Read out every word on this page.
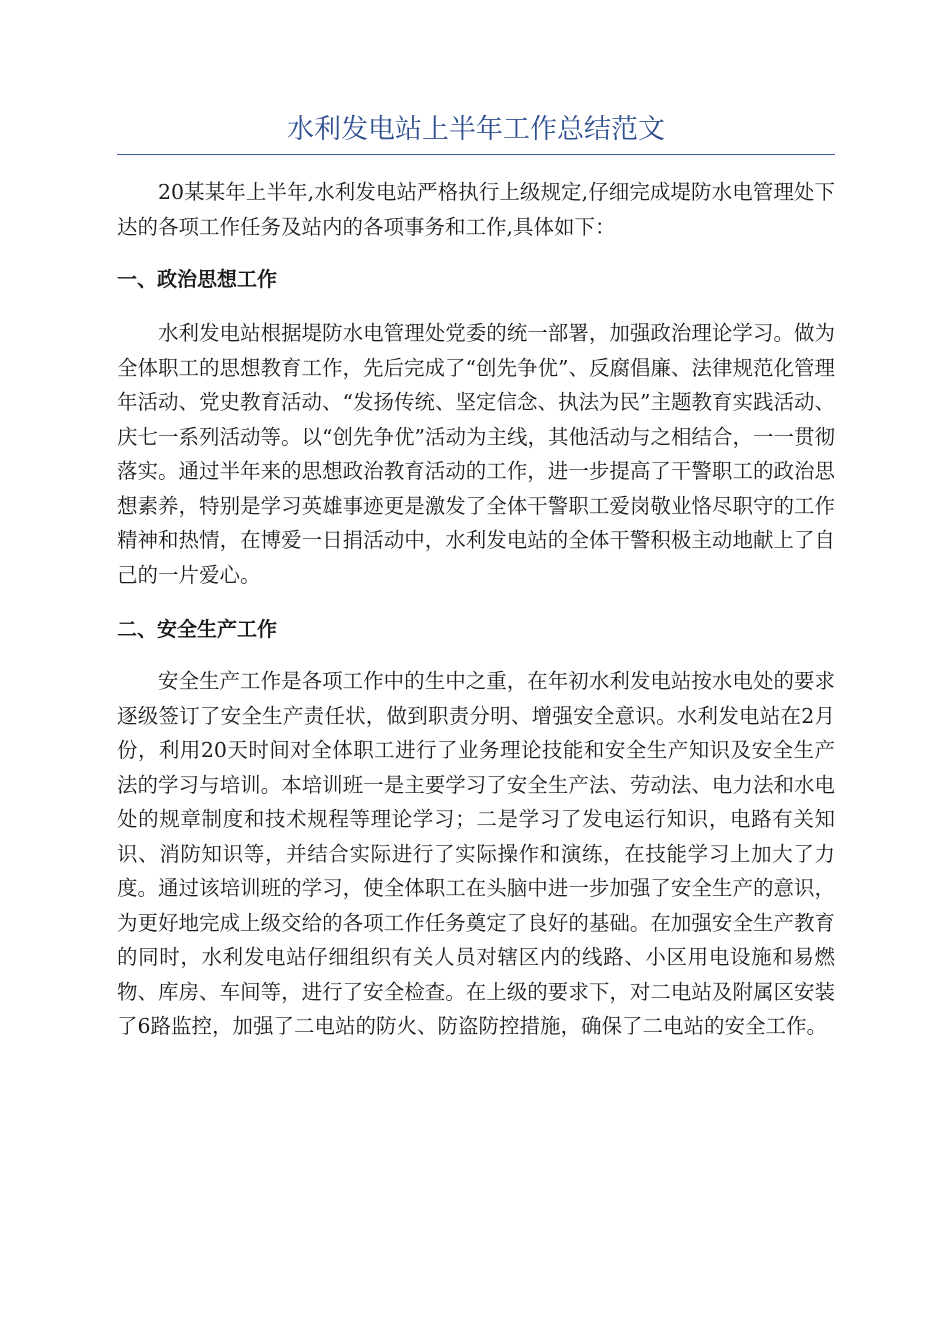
水利发电站上半年工作总结范文

20某某年上半年,水利发电站严格执行上级规定,仔细完成堤防水电管理处下达的各项工作任务及站内的各项事务和工作,具体如下：

一、政治思想工作

水利发电站根据堤防水电管理处党委的统一部署，加强政治理论学习。做为全体职工的思想教育工作，先后完成了“创先争优”、反腐倡廉、法律规范化管理年活动、党史教育活动、“发扬传统、坚定信念、执法为民”主题教育实践活动、庆七一系列活动等。以“创先争优”活动为主线，其他活动与之相结合，一一贯彻落实。通过半年来的思想政治教育活动的工作，进一步提高了干警职工的政治思想素养，特别是学习英雄事迹更是激发了全体干警职工爱岗敬业恪尽职守的工作精神和热情，在博爱一日捐活动中，水利发电站的全体干警积极主动地献上了自己的一片爱心。

二、安全生产工作

安全生产工作是各项工作中的生中之重，在年初水利发电站按水电处的要求逐级签订了安全生产责任状，做到职责分明、增强安全意识。水利发电站在2月份，利用20天时间对全体职工进行了业务理论技能和安全生产知识及安全生产法的学习与培训。本培训班一是主要学习了安全生产法、劳动法、电力法和水电处的规章制度和技术规程等理论学习；二是学习了发电运行知识，电路有关知识、消防知识等，并结合实际进行了实际操作和演练，在技能学习上加大了力度。通过该培训班的学习，使全体职工在头脑中进一步加强了安全生产的意识，为更好地完成上级交给的各项工作任务奠定了良好的基础。在加强安全生产教育的同时，水利发电站仔细组织有关人员对辖区内的线路、小区用电设施和易燃物、库房、车间等，进行了安全检查。在上级的要求下，对二电站及附属区安装了6路监控，加强了二电站的防火、防盗防控措施，确保了二电站的安全工作。
